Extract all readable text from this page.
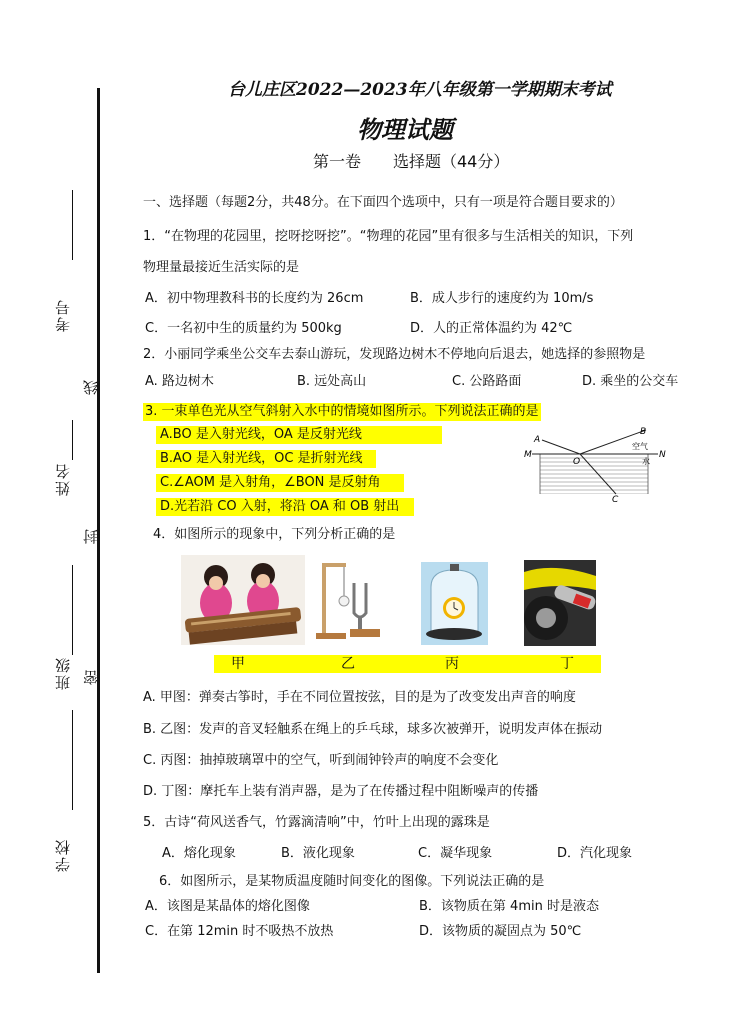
考号
线
姓名
封
班级 密
学校
台儿庄区2022—2023年八年级第一学期期末考试
物理试题
第一卷　　选择题（44分）
一、选择题（每题2分，共48分。在下面四个选项中，只有一项是符合题目要求的）
1．“在物理的花园里，挖呀挖呀挖”。“物理的花园”里有很多与生活相关的知识，下列
物理量最接近生活实际的是
A．初中物理教科书的长度约为 26cm	B．成人步行的速度约为 10m/s
C．一名初中生的质量约为 500kg	D．人的正常体温约为 42℃
2．小丽同学乘坐公交车去泰山游玩，发现路边树木不停地向后退去，她选择的参照物是
A. 路边树木	B. 远处高山	C. 公路路面	D. 乘坐的公交车
3. 一束单色光从空气斜射入水中的情境如图所示。下列说法正确的是
A.BO 是入射光线，OA 是反射光线
B.AO 是入射光线，OC 是折射光线
C.∠AOM 是入射角，∠BON 是反射角
D.光若沿 CO 入射，将沿 OA 和 OB 射出
A
B
M
O
N
C
空气
水
4．如图所示的现象中，下列分析正确的是
甲	乙	丙	丁
A. 甲图：弹奏古筝时，手在不同位置按弦，目的是为了改变发出声音的响度
B. 乙图：发声的音叉轻触系在绳上的乒乓球，球多次被弹开，说明发声体在振动
C. 丙图：抽掉玻璃罩中的空气，听到闹钟铃声的响度不会变化
D. 丁图：摩托车上装有消声器，是为了在传播过程中阻断噪声的传播
5．古诗“荷风送香气，竹露滴清响”中，竹叶上出现的露珠是
A．熔化现象	B．液化现象	C．凝华现象	D．汽化现象
6．如图所示，是某物质温度随时间变化的图像。下列说法正确的是
A．该图是某晶体的熔化图像	B．该物质在第 4min 时是液态
C．在第 12min 时不吸热不放热	D．该物质的凝固点为 50℃
